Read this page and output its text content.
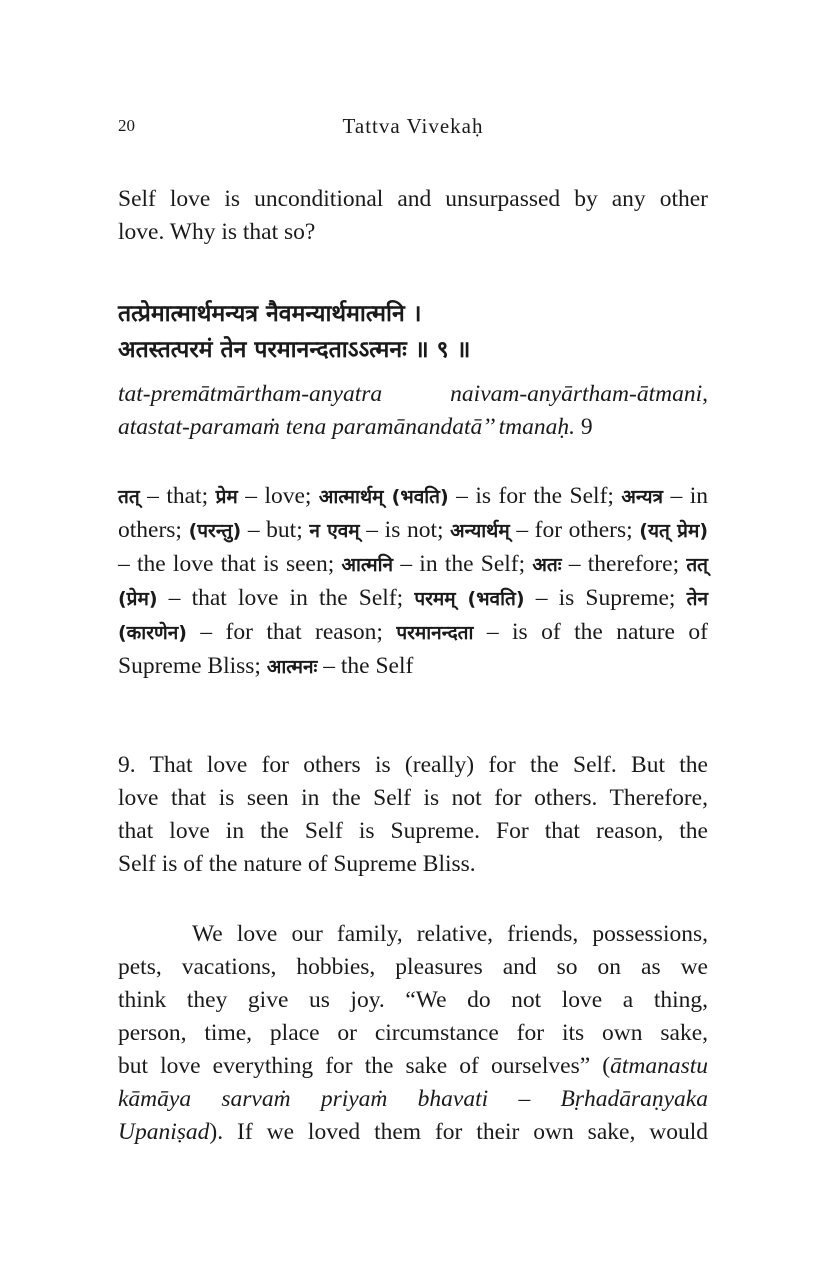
20	Tattva Vivekaḥ
Self love is unconditional and unsurpassed by any other
love. Why is that so?
तत्प्रेमात्मार्थमन्यत्र नैवमन्यार्थमात्मनि ।
अतस्तत्परमं तेन परमानन्दताऽऽत्मनः ॥ ९ ॥
tat-premātmārtham-anyatra naivam-anyārtham-ātmani,
atastat-paramaṁ tena paramānandatā’’ tmanaḥ. 9
तत् – that; प्रेम – love; आत्मार्थम् (भवति) – is for the Self; अन्यत्र – in others; (परन्तु) – but; न एवम् – is not; अन्यार्थम् – for others; (यत् प्रेम) – the love that is seen; आत्मनि – in the Self; अतः – therefore; तत् (प्रेम) – that love in the Self; परमम् (भवति) – is Supreme; तेन (कारणेन) – for that reason; परमानन्दता – is of the nature of Supreme Bliss; आत्मनः – the Self
9. That love for others is (really) for the Self. But the
love that is seen in the Self is not for others. Therefore,
that love in the Self is Supreme. For that reason, the
Self is of the nature of Supreme Bliss.
We love our family, relative, friends, possessions,
pets, vacations, hobbies, pleasures and so on as we
think they give us joy. “We do not love a thing,
person, time, place or circumstance for its own sake,
but love everything for the sake of ourselves” (ātmanastu
kāmāya sarvaṁ priyaṁ bhavati – Bṛhadāraṇyaka
Upaniṣad). If we loved them for their own sake, would
